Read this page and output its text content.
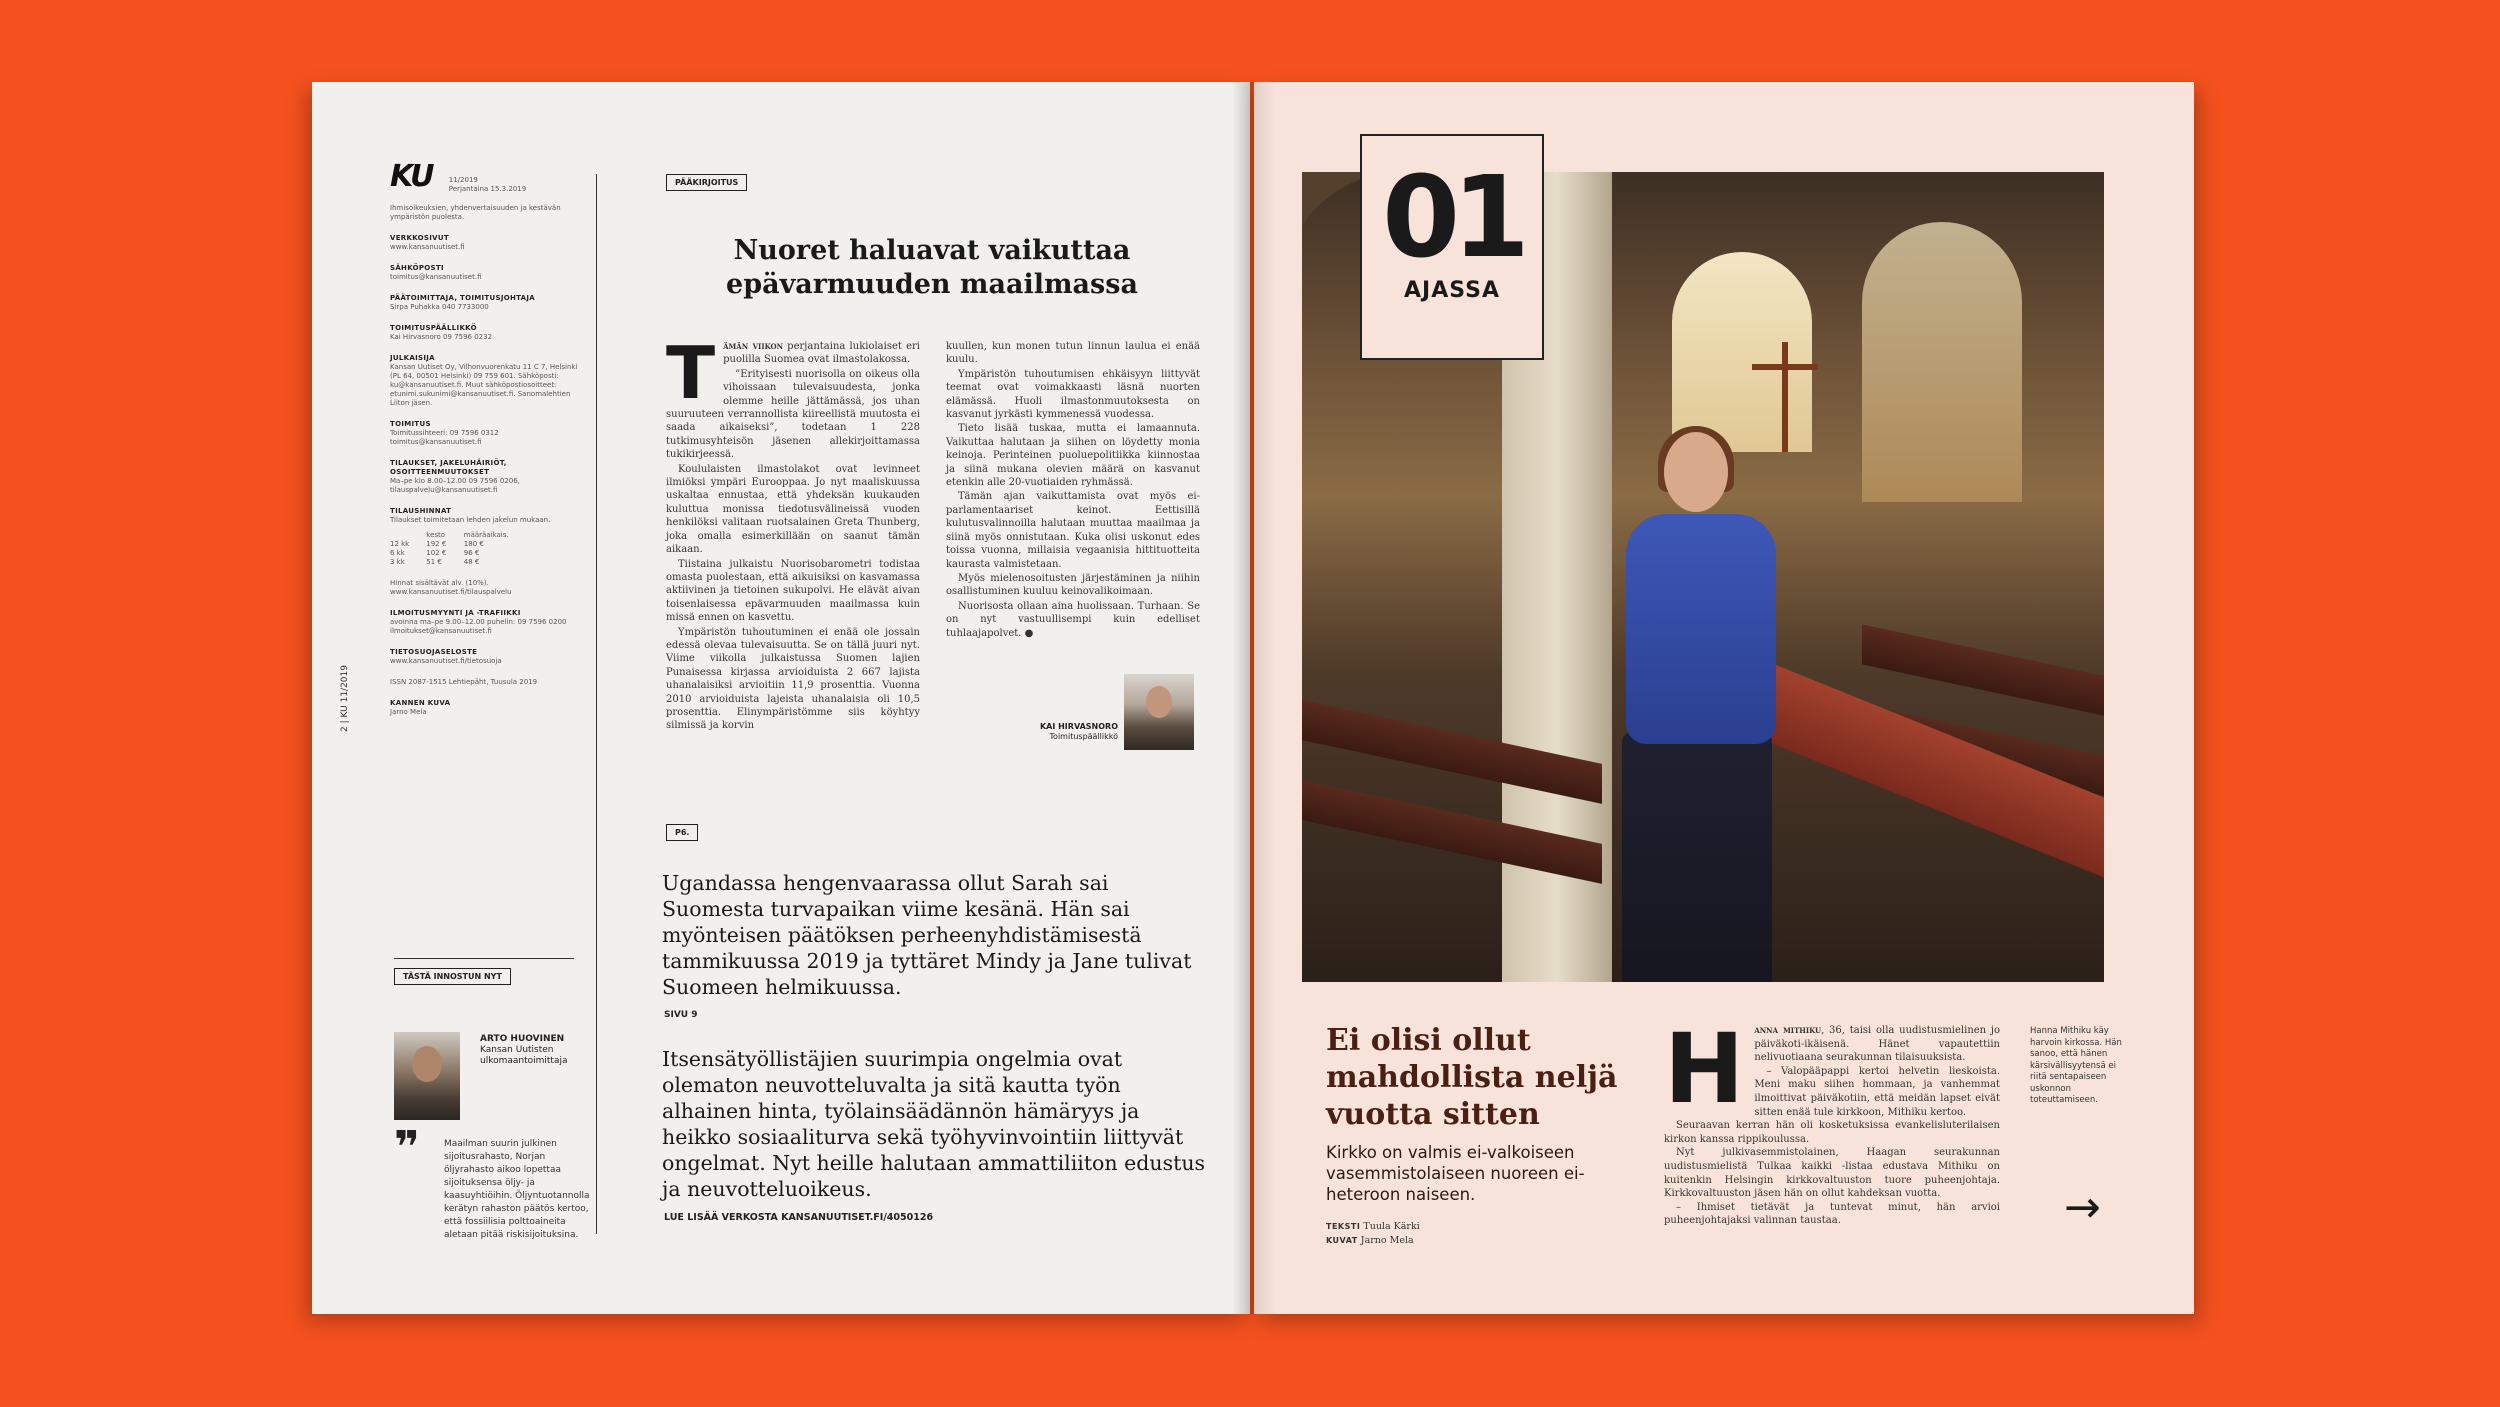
KU 11/2019
Perjantaina 15.3.2019
Ihmisoikeuksien, yhdenvertaisuuden ja kestävän ympäristön puolesta.
VERKKOSIVUT
www.kansanuutiset.fi
SÄHKÖPOSTI
toimitus@kansanuutiset.fi
PÄÄTOIMITTAJA, TOIMITUSJOHTAJA
Sirpa Puhakka 040 7733000
TOIMITUSPÄÄLLIKKÖ
Kai Hirvasnoro 09 7596 0232
JULKAISIJA
Kansan Uutiset Oy, Vilhonvuorenkatu 11 C 7, Helsinki (PL 64, 00501 Helsinki) 09 759 601. Sähköposti: ku@kansanuutiset.fi. Muut sähköpostiosoitteet: etunimi.sukunimi@kansanuutiset.fi. Sanomalehtien Liiton jäsen.
TOIMITUS
Toimitussihteeri: 09 7596 0312 toimitus@kansanuutiset.fi
TILAUKSET, JAKELUHÄIRIÖT, OSOITTEENMUUTOKSET
Ma–pe klo 8.00–12.00 09 7596 0206, tilauspalvelu@kansanuutiset.fi
TILAUSHINNAT
Tilaukset toimitetaan lehden jakelun mukaan.
	kesto	määräaikais.
12 kk	192 €	180 €
6 kk	102 €	96 €
3 kk	51 €	48 €
Hinnat sisältävät alv. (10%). www.kansanuutiset.fi/tilauspalvelu
ILMOITUSMYYNTI JA -TRAFIIKKI
avoinna ma–pe 9.00–12.00 puhelin: 09 7596 0200 ilmoitukset@kansanuutiset.fi
TIETOSUOJASELOSTE
www.kansanuutiset.fi/tietosuoja
ISSN 2087-1515 Lehtiepäht, Tuusula 2019
KANNEN KUVA
Jarno Mela
2 | KU 11/2019
TÄSTÄ INNOSTUN NYT
ARTO HUOVINEN
Kansan Uutisten ulkomaantoimittaja
❞	Maailman suurin julkinen sijoitusrahasto, Norjan öljyrahasto aikoo lopettaa sijoituksensa öljy- ja kaasuyhtiöihin. Öljyntuotannolla kerätyn rahaston päätös kertoo, että fossiilisia polttoaineita aletaan pitää riskisijoituksina.
PÄÄKIRJOITUS
Nuoret haluavat vaikuttaa epävarmuuden maailmassa

Tämän viikon perjantaina lukiolaiset eri puolilla Suomea ovat ilmastolakossa.

”Erityisesti nuorisolla on oikeus olla vihoissaan tulevaisuudesta, jonka olemme heille jättämässä, jos uhan suuruuteen verrannollista kiireellistä muutosta ei saada aikaiseksi”, todetaan 1 228 tutkimusyhteisön jäsenen allekirjoittamassa tukikirjeessä.

Koululaisten ilmastolakot ovat levinneet ilmiöksi ympäri Eurooppaa. Jo nyt maaliskuussa uskaltaa ennustaa, että yhdeksän kuukauden kuluttua monissa tiedotusvälineissä vuoden henkilöksi valitaan ruotsalainen Greta Thunberg, joka omalla esimerkillään on saanut tämän aikaan.

Tiistaina julkaistu Nuorisobarometri todistaa omasta puolestaan, että aikuisiksi on kasvamassa aktiivinen ja tietoinen sukupolvi. He elävät aivan toisenlaisessa epävarmuuden maailmassa kuin missä ennen on kasvettu.

Ympäristön tuhoutuminen ei enää ole jossain edessä olevaa tulevaisuutta. Se on tällä juuri nyt. Viime viikolla julkaistussa Suomen lajien Punaisessa kirjassa arvioiduista 2 667 lajista uhanalaisiksi arvioitiin 11,9 prosenttia. Vuonna 2010 arvioiduista lajeista uhanalaisia oli 10,5 prosenttia. Elinympäristömme siis köyhtyy silmissä ja korvin

kuullen, kun monen tutun linnun laulua ei enää kuulu.

Ympäristön tuhoutumisen ehkäisyyn liittyvät teemat ovat voimakkaasti läsnä nuorten elämässä. Huoli ilmastonmuutoksesta on kasvanut jyrkästi kymmenessä vuodessa.

Tieto lisää tuskaa, mutta ei lamaannuta. Vaikuttaa halutaan ja siihen on löydetty monia keinoja. Perinteinen puoluepolitiikka kiinnostaa ja siinä mukana olevien määrä on kasvanut etenkin alle 20-vuotiaiden ryhmässä.

Tämän ajan vaikuttamista ovat myös ei-parlamentaariset keinot. Eettisillä kulutusvalinnoilla halutaan muuttaa maailmaa ja siinä myös onnistutaan. Kuka olisi uskonut edes toissa vuonna, millaisia vegaanisia hittituotteita kaurasta valmistetaan.

Myös mielenosoitusten järjestäminen ja niihin osallistuminen kuuluu keinovalikoimaan.

Nuorisosta ollaan aina huolissaan. Turhaan. Se on nyt vastuullisempi kuin edelliset tuhlaajapolvet. ●

KAI HIRVASNORO
Toimituspäällikkö
P6.
Ugandassa hengenvaarassa ollut Sarah sai Suomesta turvapaikan viime kesänä. Hän sai myönteisen päätöksen perheenyhdistämisestä tammikuussa 2019 ja tyttäret Mindy ja Jane tulivat Suomeen helmikuussa.
SIVU 9
Itsensätyöllistäjien suurimpia ongelmia ovat olematon neuvotteluvalta ja sitä kautta työn alhainen hinta, työlainsäädännön hämäryys ja heikko sosiaaliturva sekä työhyvinvointiin liittyvät ongelmat. Nyt heille halutaan ammattiliiton edustus ja neuvotteluoikeus.
LUE LISÄÄ VERKOSTA KANSANUUTISET.FI/4050126
01
AJASSA
Ei olisi ollut mahdollista neljä vuotta sitten
Kirkko on valmis ei-valkoiseen vasemmistolaiseen nuoreen ei-heteroon naiseen.
TEKSTI Tuula Kärki
KUVAT Jarno Mela

H anna mithiku, 36, taisi olla uudistusmielinen jo päiväkoti-ikäisenä. Hänet vapautettiin nelivuotiaana seurakunnan tilaisuuksista.

– Valopääpappi kertoi helvetin lieskoista. Meni maku siihen hommaan, ja vanhemmat ilmoittivat päiväkotiin, että meidän lapset eivät sitten enää tule kirkkoon, Mithiku kertoo.

Seuraavan kerran hän oli kosketuksissa evankelisluterilaisen kirkon kanssa rippikoulussa.

Nyt julkivasemmistolainen, Haagan seurakunnan uudistusmielistä Tulkaa kaikki -listaa edustava Mithiku on kuitenkin Helsingin kirkkovaltuuston tuore puheenjohtaja. Kirkkovaltuuston jäsen hän on ollut kahdeksan vuotta.

– Ihmiset tietävät ja tuntevat minut, hän arvioi puheenjohtajaksi valinnan taustaa.

Hanna Mithiku käy harvoin kirkossa. Hän sanoo, että hänen kärsivällisyytensä ei riitä sentapaiseen uskonnon toteuttamiseen.
→
